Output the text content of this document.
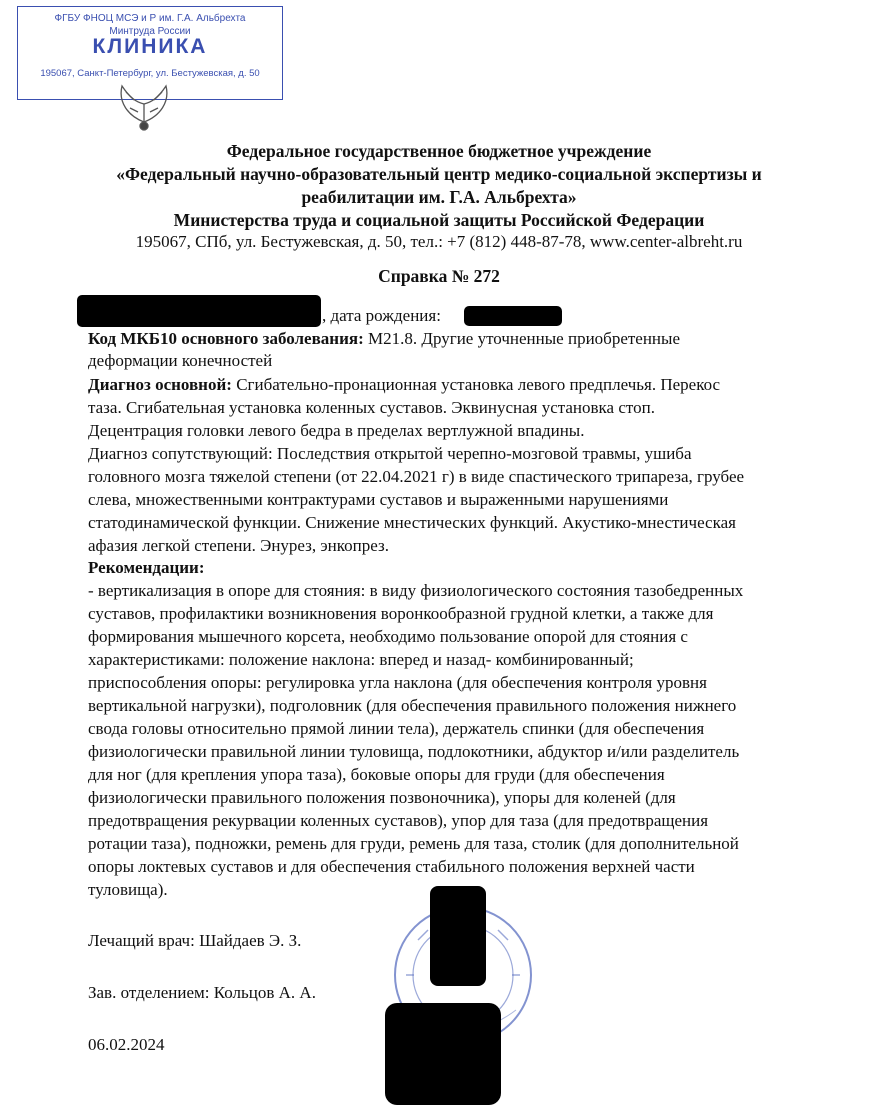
ФГБУ ФНОЦ МСЭ и Р им. Г.А. Альбрехта
Минтруда России
КЛИНИКА
195067, Санкт-Петербург, ул. Бестужевская, д. 50
Федеральное государственное бюджетное учреждение
«Федеральный научно-образовательный центр медико-социальной экспертизы и
реабилитации им. Г.А. Альбрехта»
Министерства труда и социальной защиты Российской Федерации
195067, СПб, ул. Бестужевская, д. 50, тел.: +7 (812) 448-87-78, www.center-albreht.ru
Справка № 272
, дата рождения:
Код МКБ10 основного заболевания: M21.8. Другие уточненные приобретенные
деформации конечностей
Диагноз основной: Сгибательно-пронационная установка левого предплечья. Перекос
таза. Сгибательная установка коленных суставов. Эквинусная установка стоп.
Децентрация головки левого бедра в пределах вертлужной впадины.
Диагноз сопутствующий: Последствия открытой черепно-мозговой травмы, ушиба
головного мозга тяжелой степени (от 22.04.2021 г) в виде спастического трипареза, грубее
слева, множественными контрактурами суставов и выраженными нарушениями
статодинамической функции. Снижение мнестических функций. Акустико-мнестическая
афазия легкой степени. Энурез, энкопрез.
Рекомендации:
- вертикализация в опоре для стояния: в виду физиологического состояния тазобедренных
суставов, профилактики возникновения воронкообразной грудной клетки, а также для
формирования мышечного корсета, необходимо пользование опорой для стояния с
характеристиками: положение наклона: вперед и назад- комбинированный;
приспособления опоры: регулировка угла наклона (для обеспечения контроля уровня
вертикальной нагрузки), подголовник (для обеспечения правильного положения нижнего
свода головы относительно прямой линии тела), держатель спинки (для обеспечения
физиологически правильной линии туловища, подлокотники, абдуктор и/или разделитель
для ног (для крепления упора таза), боковые опоры для груди (для обеспечения
физиологически правильного положения позвоночника), упоры для коленей (для
предотвращения рекурвации коленных суставов), упор для таза (для предотвращения
ротации таза), подножки, ремень для груди, ремень для таза, столик (для дополнительной
опоры локтевых суставов и для обеспечения стабильного положения верхней части
туловища).
Лечащий врач: Шайдаев Э. З.
Зав. отделением: Кольцов А. А.
06.02.2024
